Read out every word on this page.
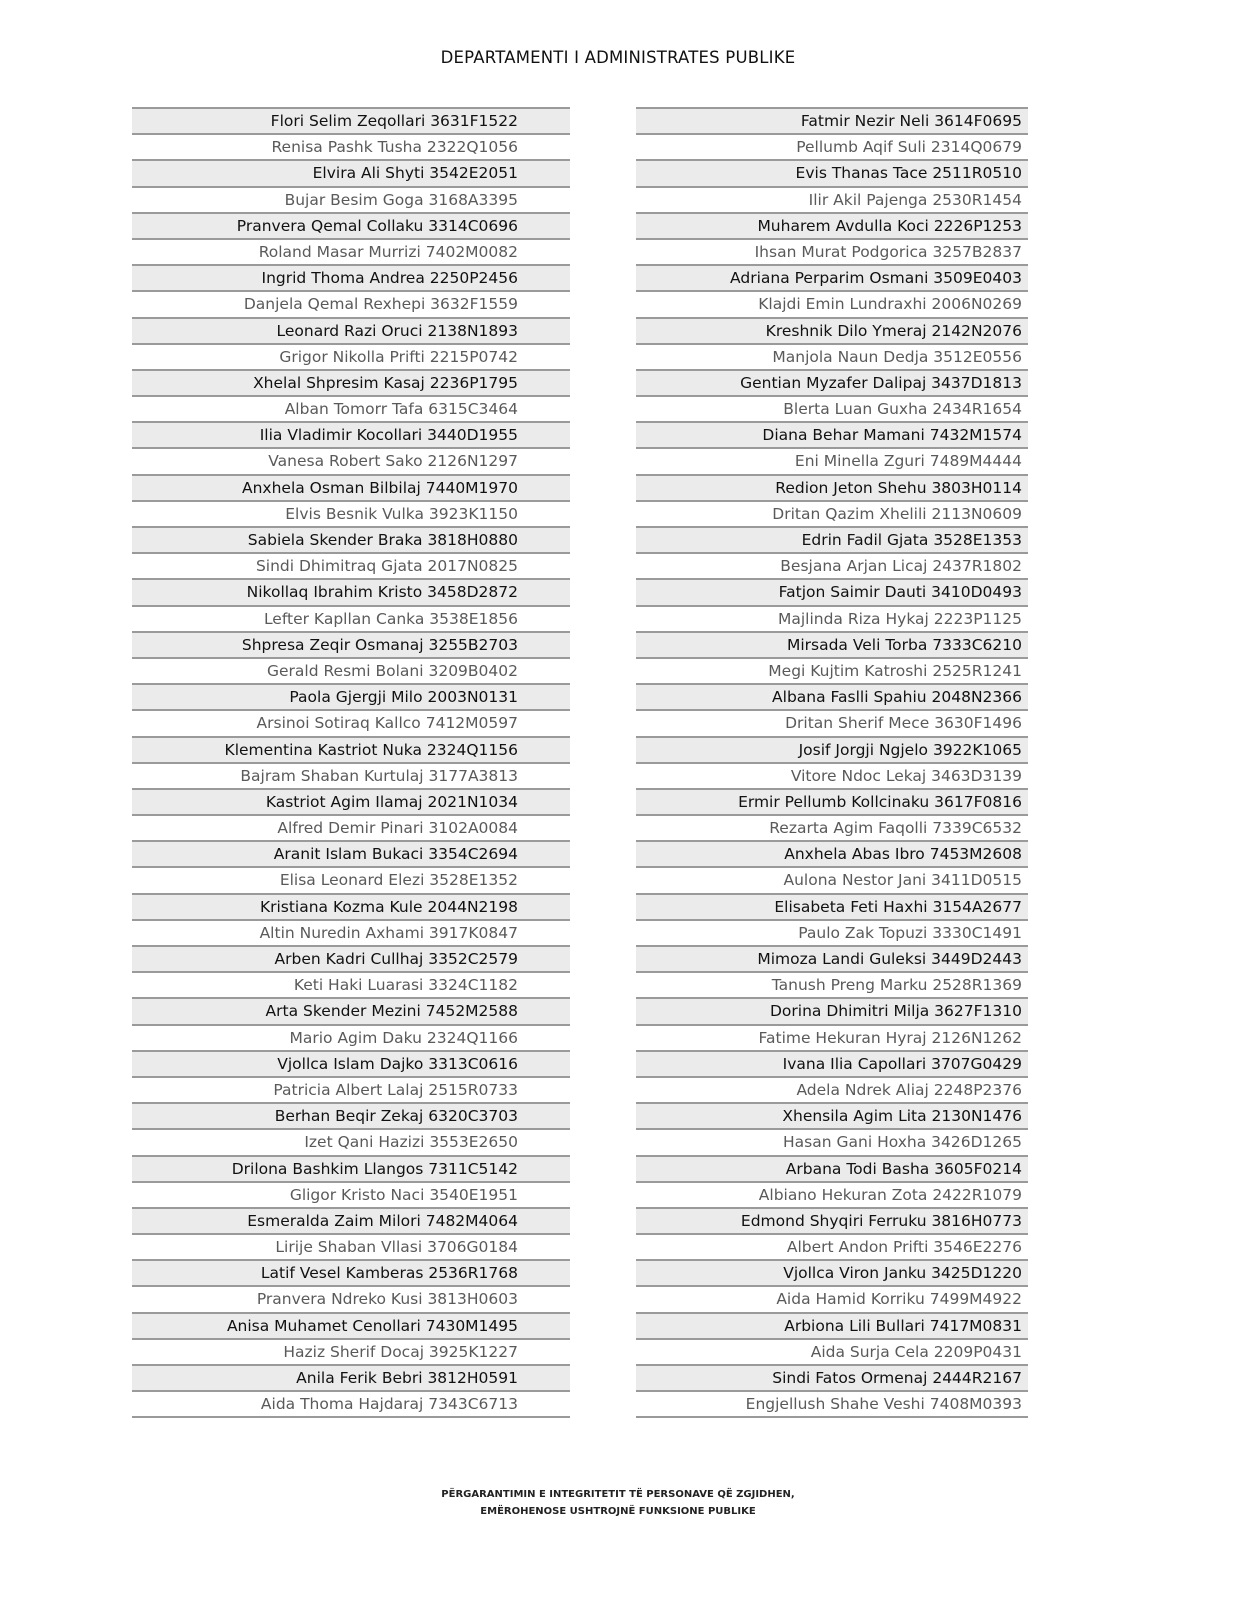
DEPARTAMENTI I ADMINISTRATES PUBLIKE
Flori Selim Zeqollari 3631F1522
Renisa Pashk Tusha 2322Q1056
Elvira Ali Shyti 3542E2051
Bujar Besim Goga 3168A3395
Pranvera Qemal Collaku 3314C0696
Roland Masar Murrizi 7402M0082
Ingrid Thoma Andrea 2250P2456
Danjela Qemal Rexhepi 3632F1559
Leonard Razi Oruci 2138N1893
Grigor Nikolla Prifti 2215P0742
Xhelal Shpresim Kasaj 2236P1795
Alban Tomorr Tafa 6315C3464
Ilia Vladimir Kocollari 3440D1955
Vanesa Robert Sako 2126N1297
Anxhela Osman Bilbilaj 7440M1970
Elvis Besnik Vulka 3923K1150
Sabiela Skender Braka 3818H0880
Sindi Dhimitraq Gjata 2017N0825
Nikollaq Ibrahim Kristo 3458D2872
Lefter Kapllan Canka 3538E1856
Shpresa Zeqir Osmanaj 3255B2703
Gerald Resmi Bolani 3209B0402
Paola Gjergji Milo 2003N0131
Arsinoi Sotiraq Kallco 7412M0597
Klementina Kastriot Nuka 2324Q1156
Bajram Shaban Kurtulaj 3177A3813
Kastriot Agim Ilamaj 2021N1034
Alfred Demir Pinari 3102A0084
Aranit Islam Bukaci 3354C2694
Elisa Leonard Elezi 3528E1352
Kristiana Kozma Kule 2044N2198
Altin Nuredin Axhami 3917K0847
Arben Kadri Cullhaj 3352C2579
Keti Haki Luarasi 3324C1182
Arta Skender Mezini 7452M2588
Mario Agim Daku 2324Q1166
Vjollca Islam Dajko 3313C0616
Patricia Albert Lalaj 2515R0733
Berhan Beqir Zekaj 6320C3703
Izet Qani Hazizi 3553E2650
Drilona Bashkim Llangos 7311C5142
Gligor Kristo Naci 3540E1951
Esmeralda Zaim Milori 7482M4064
Lirije Shaban Vllasi 3706G0184
Latif Vesel Kamberas 2536R1768
Pranvera Ndreko Kusi 3813H0603
Anisa Muhamet Cenollari 7430M1495
Haziz Sherif Docaj 3925K1227
Anila Ferik Bebri 3812H0591
Aida Thoma Hajdaraj 7343C6713
Fatmir Nezir Neli 3614F0695
Pellumb Aqif Suli 2314Q0679
Evis Thanas Tace 2511R0510
Ilir Akil Pajenga 2530R1454
Muharem Avdulla Koci 2226P1253
Ihsan Murat Podgorica 3257B2837
Adriana Perparim Osmani 3509E0403
Klajdi Emin Lundraxhi 2006N0269
Kreshnik Dilo Ymeraj 2142N2076
Manjola Naun Dedja 3512E0556
Gentian Myzafer Dalipaj 3437D1813
Blerta Luan Guxha 2434R1654
Diana Behar Mamani 7432M1574
Eni Minella Zguri 7489M4444
Redion Jeton Shehu 3803H0114
Dritan Qazim Xhelili 2113N0609
Edrin Fadil Gjata 3528E1353
Besjana Arjan Licaj 2437R1802
Fatjon Saimir Dauti 3410D0493
Majlinda Riza Hykaj 2223P1125
Mirsada Veli Torba 7333C6210
Megi Kujtim Katroshi 2525R1241
Albana Faslli Spahiu 2048N2366
Dritan Sherif Mece 3630F1496
Josif Jorgji Ngjelo 3922K1065
Vitore Ndoc Lekaj 3463D3139
Ermir Pellumb Kollcinaku 3617F0816
Rezarta Agim Faqolli 7339C6532
Anxhela Abas Ibro 7453M2608
Aulona Nestor Jani 3411D0515
Elisabeta Feti Haxhi 3154A2677
Paulo Zak Topuzi 3330C1491
Mimoza Landi Guleksi 3449D2443
Tanush Preng Marku 2528R1369
Dorina Dhimitri Milja 3627F1310
Fatime Hekuran Hyraj 2126N1262
Ivana Ilia Capollari 3707G0429
Adela Ndrek Aliaj 2248P2376
Xhensila Agim Lita 2130N1476
Hasan Gani Hoxha 3426D1265
Arbana Todi Basha 3605F0214
Albiano Hekuran Zota 2422R1079
Edmond Shyqiri Ferruku 3816H0773
Albert Andon Prifti 3546E2276
Vjollca Viron Janku 3425D1220
Aida Hamid Korriku 7499M4922
Arbiona Lili Bullari 7417M0831
Aida Surja Cela 2209P0431
Sindi Fatos Ormenaj 2444R2167
Engjellush Shahe Veshi 7408M0393
PËRGARANTIMIN E INTEGRITETIT TË PERSONAVE QË ZGJIDHEN,
EMËROHENOSE USHTROJNË FUNKSIONE PUBLIKE
